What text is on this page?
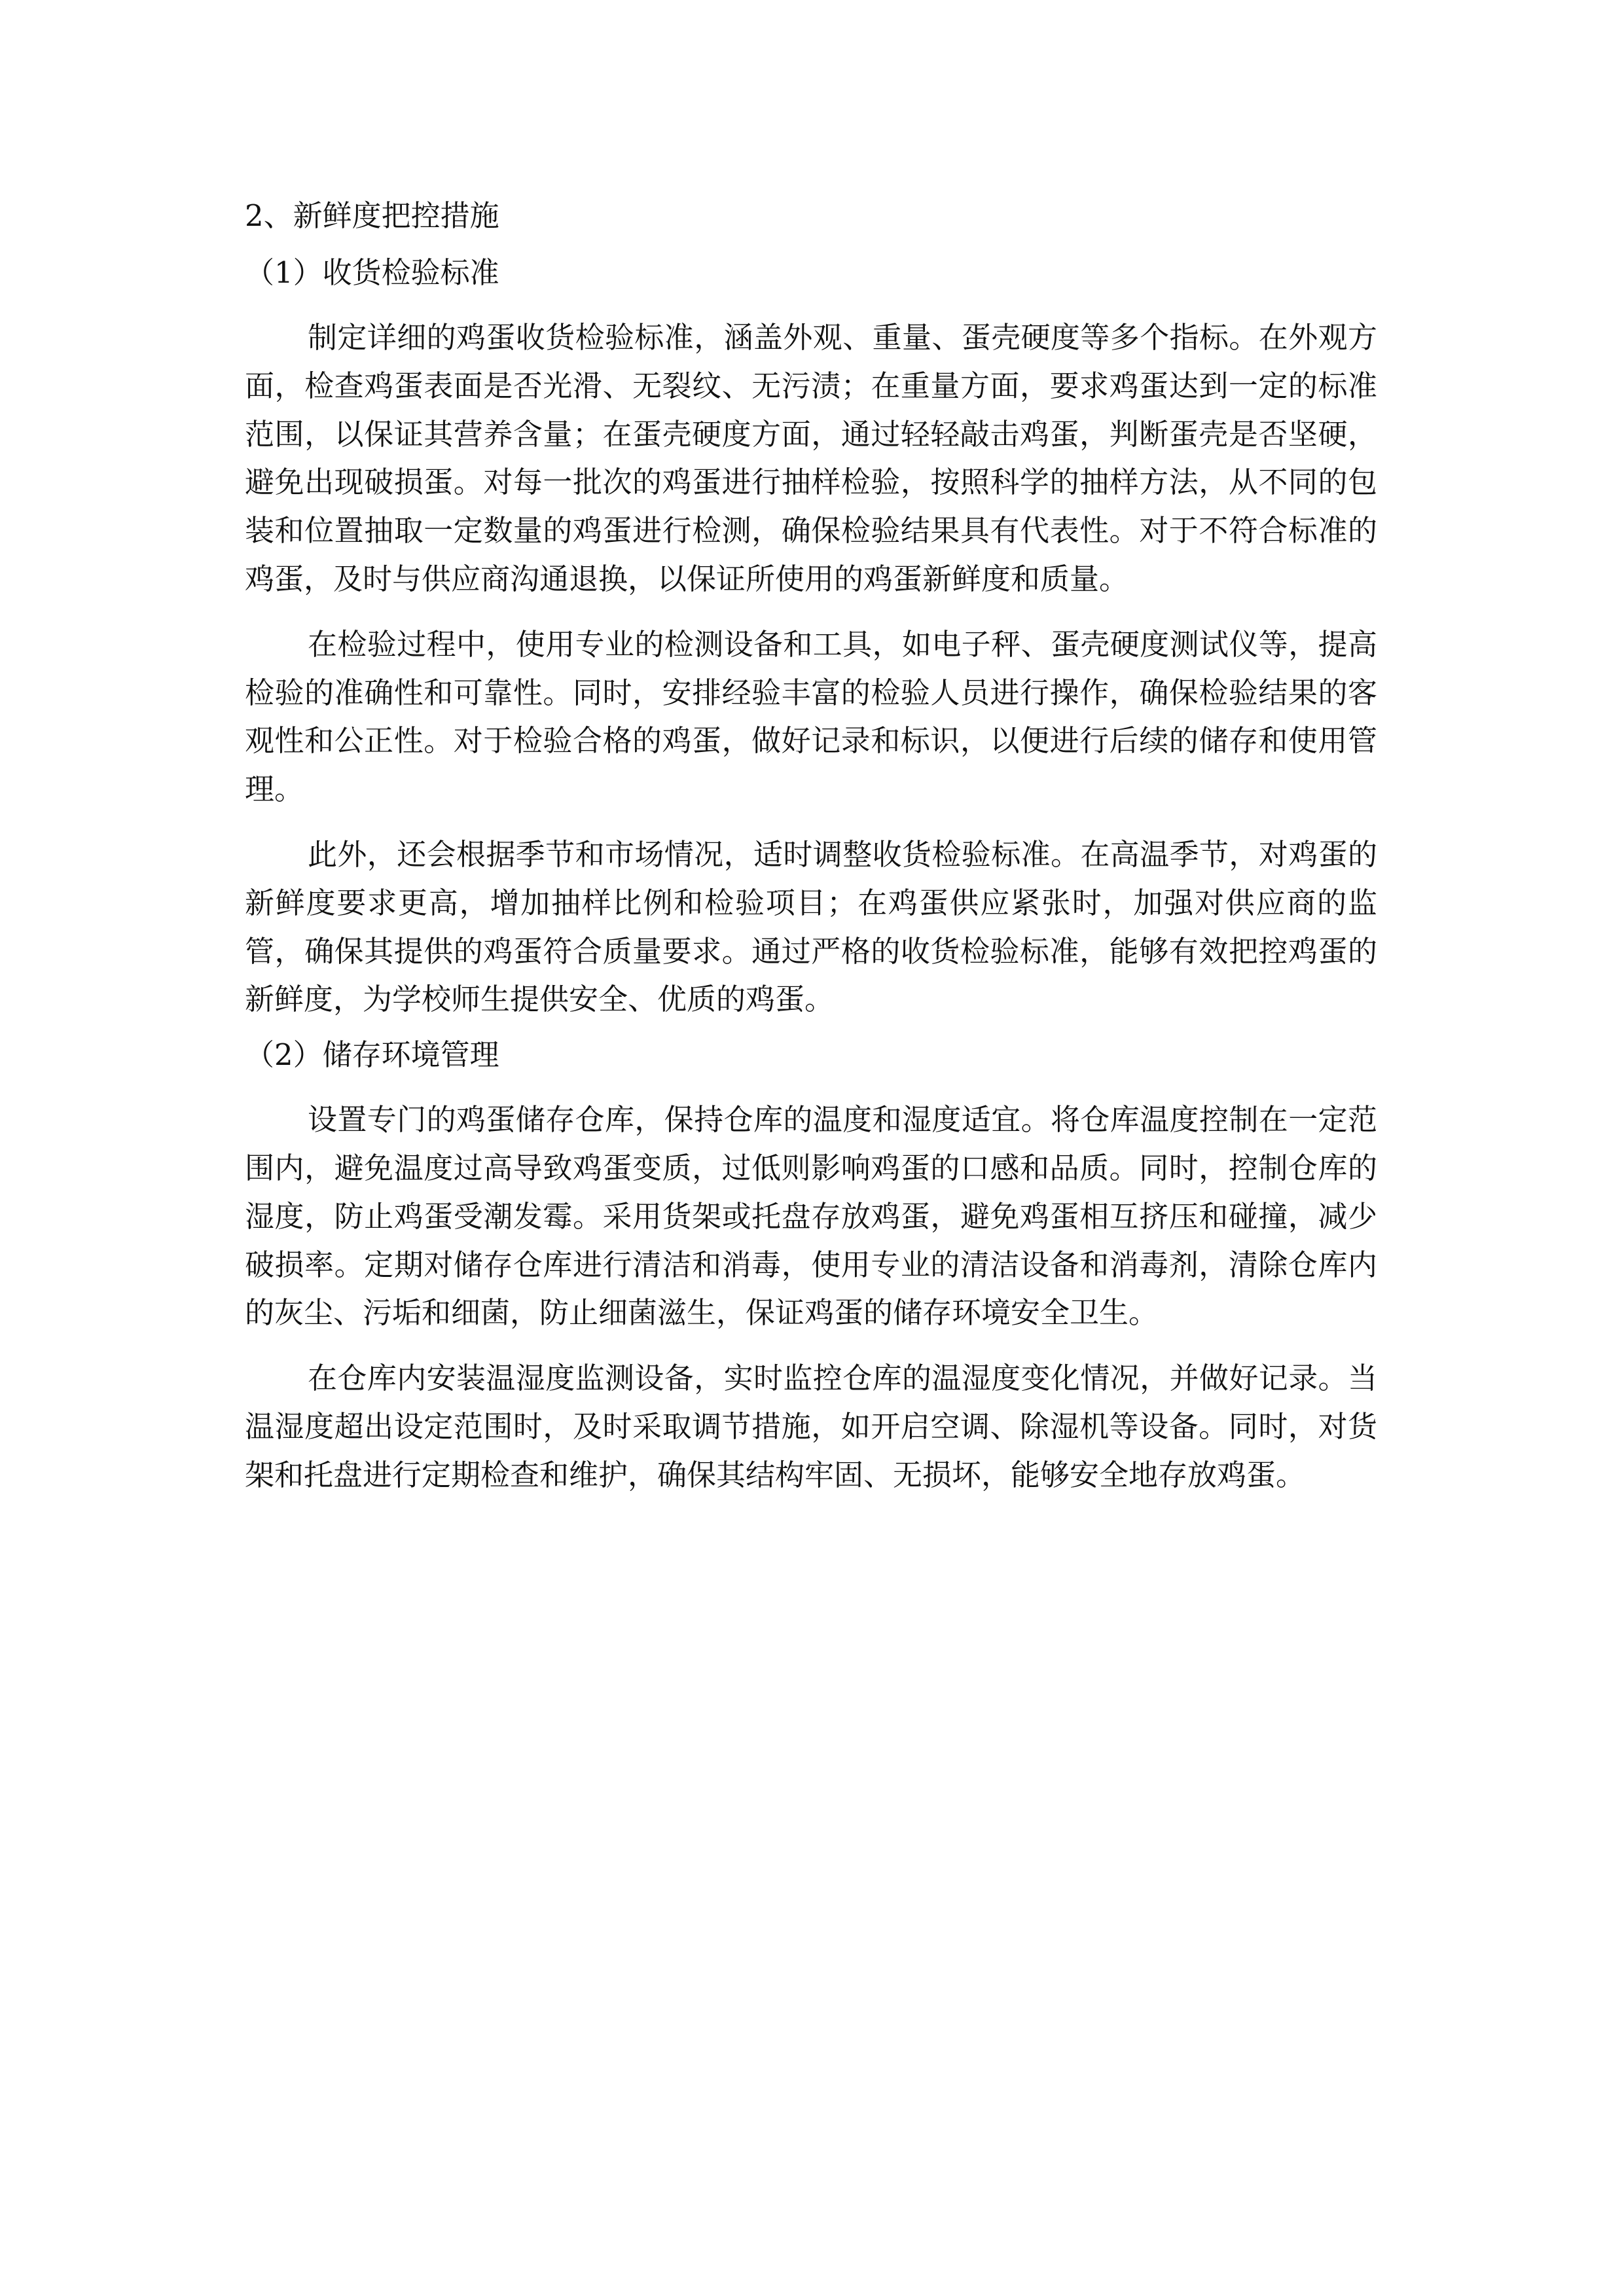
2、新鲜度把控措施
（1）收货检验标准

制定详细的鸡蛋收货检验标准，涵盖外观、重量、蛋壳硬度等多个指标。在外观方面，检查鸡蛋表面是否光滑、无裂纹、无污渍；在重量方面，要求鸡蛋达到一定的标准范围，以保证其营养含量；在蛋壳硬度方面，通过轻轻敲击鸡蛋，判断蛋壳是否坚硬，避免出现破损蛋。对每一批次的鸡蛋进行抽样检验，按照科学的抽样方法，从不同的包装和位置抽取一定数量的鸡蛋进行检测，确保检验结果具有代表性。对于不符合标准的鸡蛋，及时与供应商沟通退换，以保证所使用的鸡蛋新鲜度和质量。

在检验过程中，使用专业的检测设备和工具，如电子秤、蛋壳硬度测试仪等，提高检验的准确性和可靠性。同时，安排经验丰富的检验人员进行操作，确保检验结果的客观性和公正性。对于检验合格的鸡蛋，做好记录和标识，以便进行后续的储存和使用管理。

此外，还会根据季节和市场情况，适时调整收货检验标准。在高温季节，对鸡蛋的新鲜度要求更高，增加抽样比例和检验项目；在鸡蛋供应紧张时，加强对供应商的监管，确保其提供的鸡蛋符合质量要求。通过严格的收货检验标准，能够有效把控鸡蛋的新鲜度，为学校师生提供安全、优质的鸡蛋。

（2）储存环境管理

设置专门的鸡蛋储存仓库，保持仓库的温度和湿度适宜。将仓库温度控制在一定范围内，避免温度过高导致鸡蛋变质，过低则影响鸡蛋的口感和品质。同时，控制仓库的湿度，防止鸡蛋受潮发霉。采用货架或托盘存放鸡蛋，避免鸡蛋相互挤压和碰撞，减少破损率。定期对储存仓库进行清洁和消毒，使用专业的清洁设备和消毒剂，清除仓库内的灰尘、污垢和细菌，防止细菌滋生，保证鸡蛋的储存环境安全卫生。

在仓库内安装温湿度监测设备，实时监控仓库的温湿度变化情况，并做好记录。当温湿度超出设定范围时，及时采取调节措施，如开启空调、除湿机等设备。同时，对货架和托盘进行定期检查和维护，确保其结构牢固、无损坏，能够安全地存放鸡蛋。
